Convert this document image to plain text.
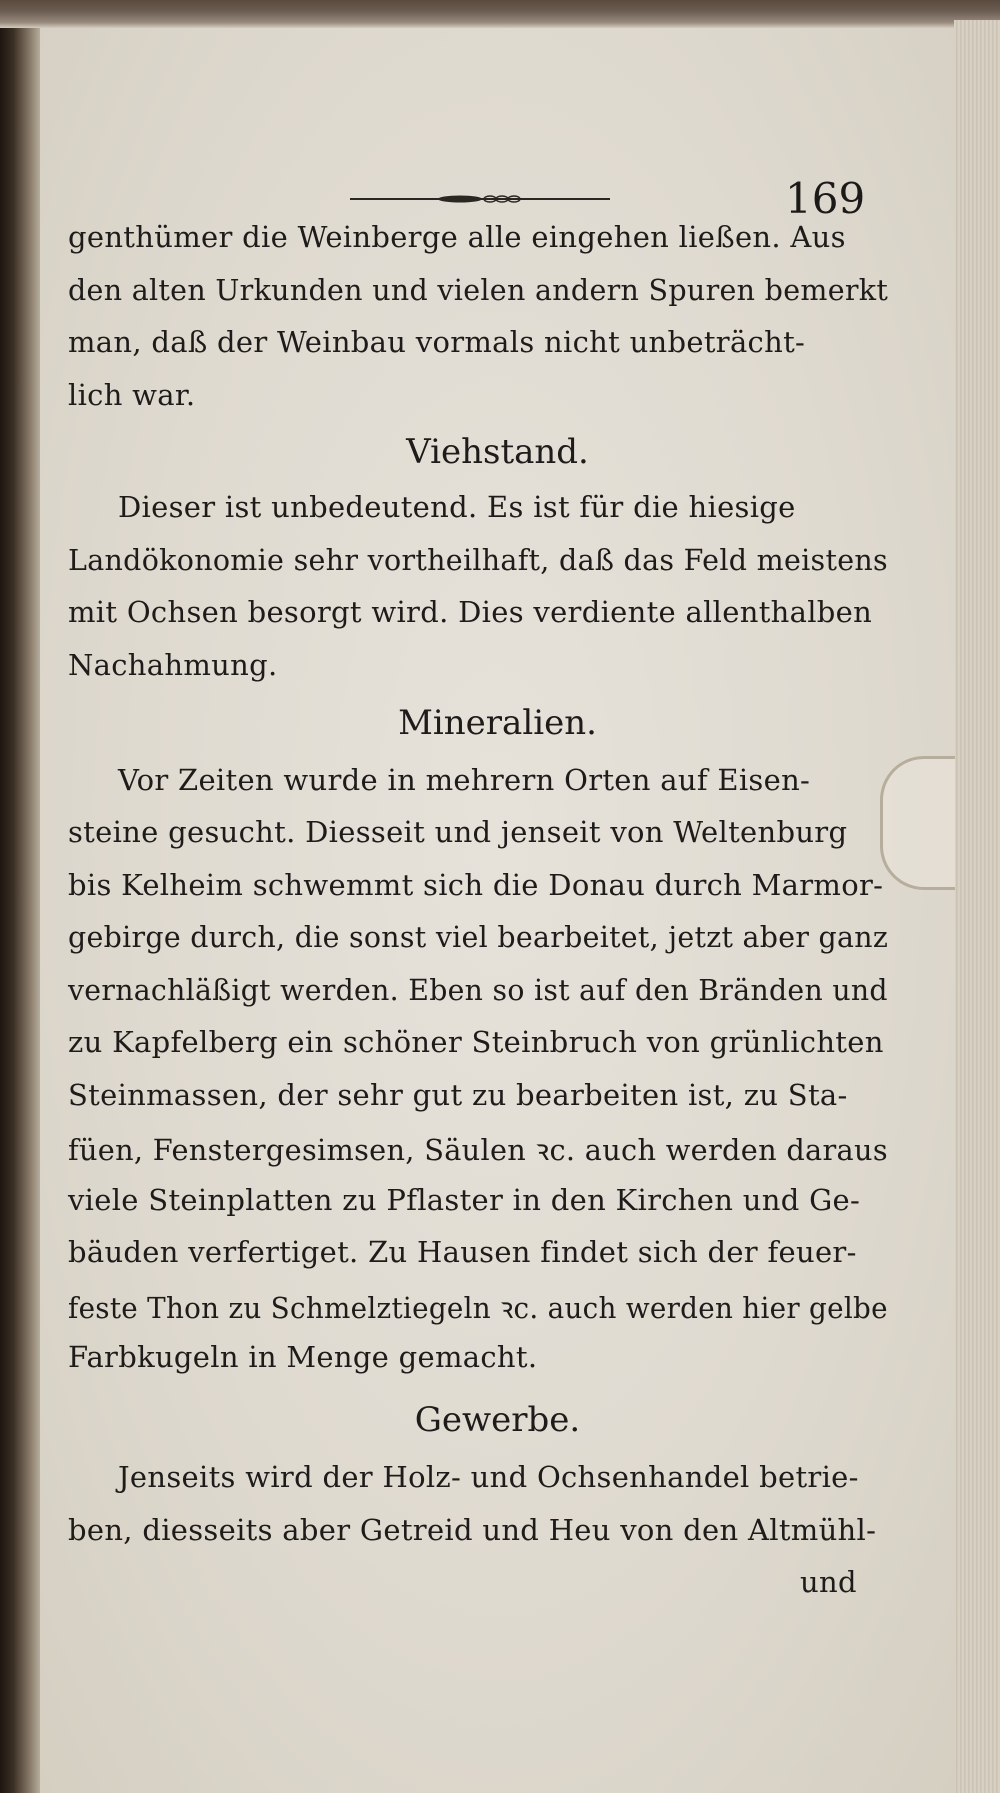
169

genthümer die Weinberge alle eingehen ließen. Aus

den alten Urkunden und vielen andern Spuren bemerkt

man, daß der Weinbau vormals nicht unbeträcht-

lich war.

Viehstand.

Dieser ist unbedeutend. Es ist für die hiesige

Landökonomie sehr vortheilhaft, daß das Feld meistens

mit Ochsen besorgt wird. Dies verdiente allenthalben

Nachahmung.

Mineralien.

Vor Zeiten wurde in mehrern Orten auf Eisen-

steine gesucht. Diesseit und jenseit von Weltenburg

bis Kelheim schwemmt sich die Donau durch Marmor-

gebirge durch, die sonst viel bearbeitet, jetzt aber ganz

vernachläßigt werden. Eben so ist auf den Bränden und

zu Kapfelberg ein schöner Steinbruch von grünlichten

Steinmassen, der sehr gut zu bearbeiten ist, zu Sta-

füen, Fenstergesimsen, Säulen ꝛc. auch werden daraus

viele Steinplatten zu Pflaster in den Kirchen und Ge-

bäuden verfertiget. Zu Hausen findet sich der feuer-

feste Thon zu Schmelztiegeln ꝛc. auch werden hier gelbe

Farbkugeln in Menge gemacht.

Gewerbe.

Jenseits wird der Holz- und Ochsenhandel betrie-

ben, diesseits aber Getreid und Heu von den Altmühl-

und
